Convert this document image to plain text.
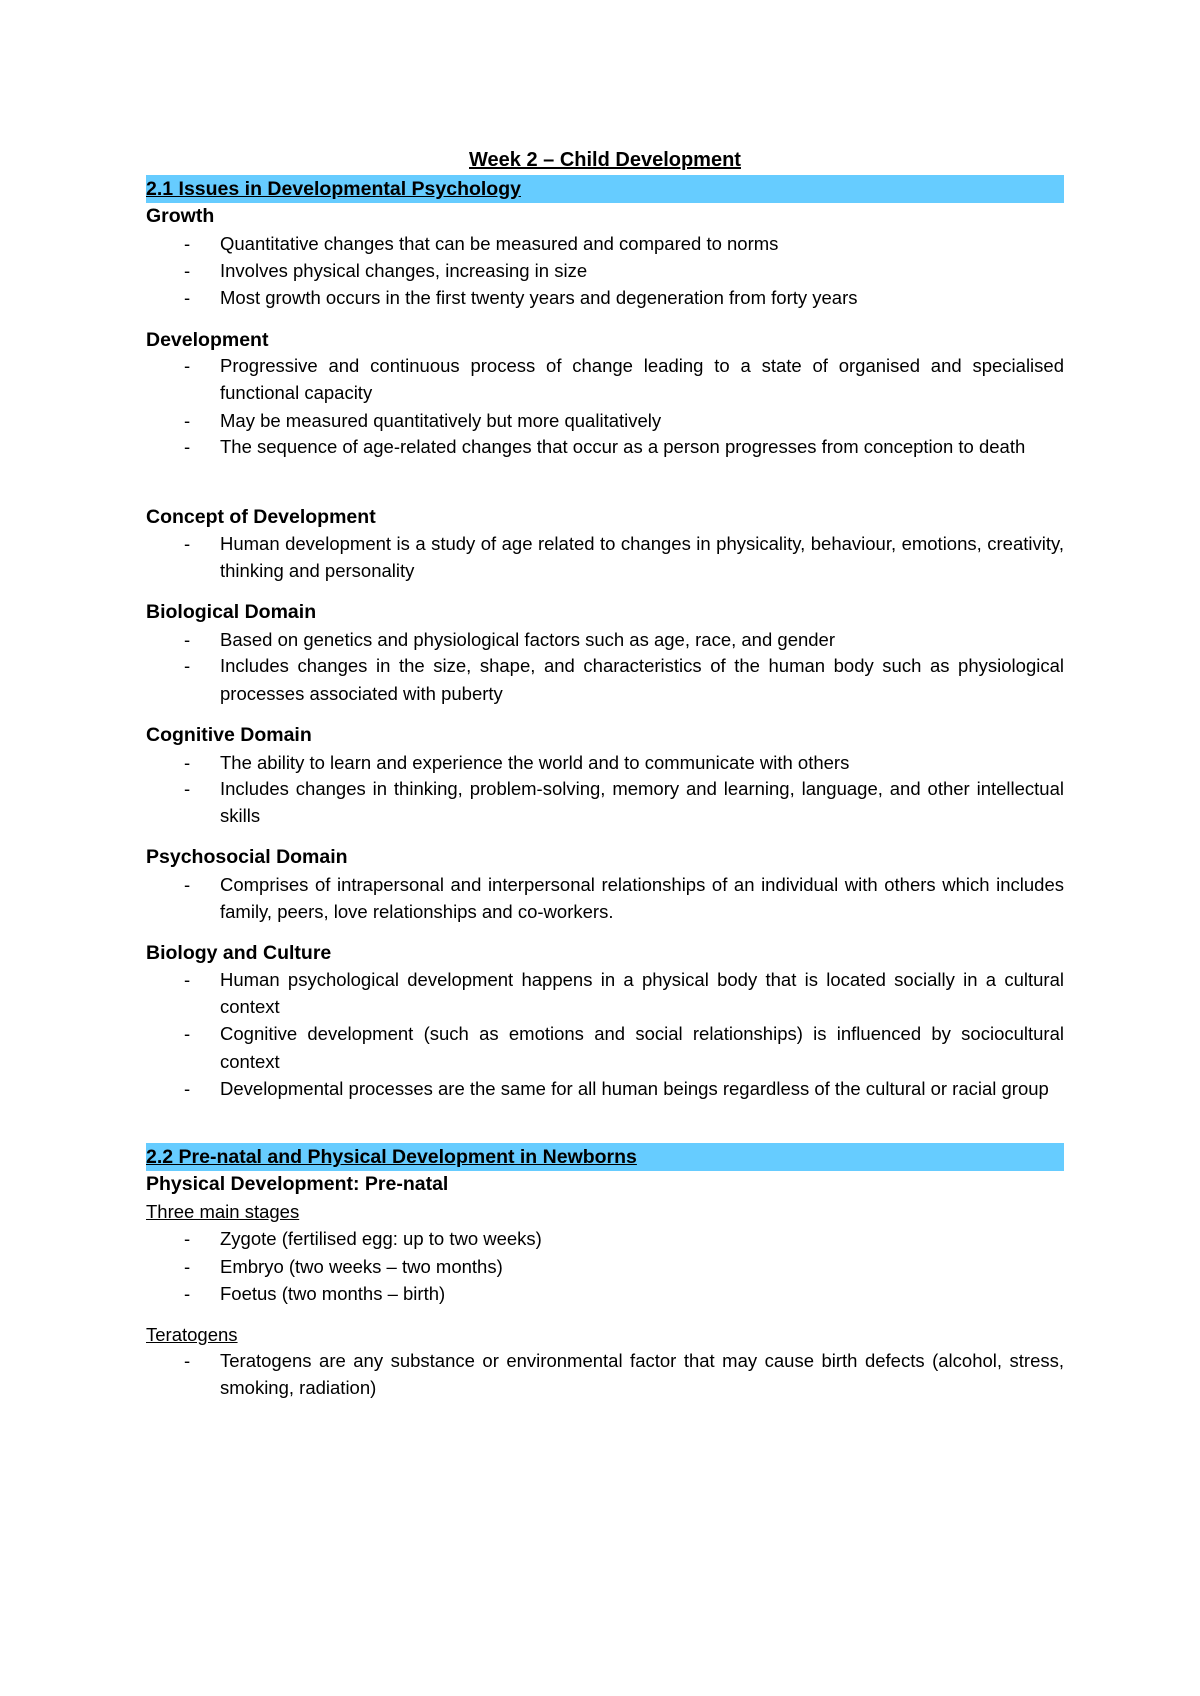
Week 2 – Child Development
2.1 Issues in Developmental Psychology
Growth
- Quantitative changes that can be measured and compared to norms
- Involves physical changes, increasing in size
- Most growth occurs in the first twenty years and degeneration from forty years
Development
- Progressive and continuous process of change leading to a state of organised and specialised functional capacity
- May be measured quantitatively but more qualitatively
- The sequence of age-related changes that occur as a person progresses from conception to death
Concept of Development
- Human development is a study of age related to changes in physicality, behaviour, emotions, creativity, thinking and personality
Biological Domain
- Based on genetics and physiological factors such as age, race, and gender
- Includes changes in the size, shape, and characteristics of the human body such as physiological processes associated with puberty
Cognitive Domain
- The ability to learn and experience the world and to communicate with others
- Includes changes in thinking, problem-solving, memory and learning, language, and other intellectual skills
Psychosocial Domain
- Comprises of intrapersonal and interpersonal relationships of an individual with others which includes family, peers, love relationships and co-workers.
Biology and Culture
- Human psychological development happens in a physical body that is located socially in a cultural context
- Cognitive development (such as emotions and social relationships) is influenced by sociocultural context
- Developmental processes are the same for all human beings regardless of the cultural or racial group
2.2 Pre-natal and Physical Development in Newborns
Physical Development: Pre-natal
Three main stages
- Zygote (fertilised egg: up to two weeks)
- Embryo (two weeks – two months)
- Foetus (two months – birth)
Teratogens
- Teratogens are any substance or environmental factor that may cause birth defects (alcohol, stress, smoking, radiation)
